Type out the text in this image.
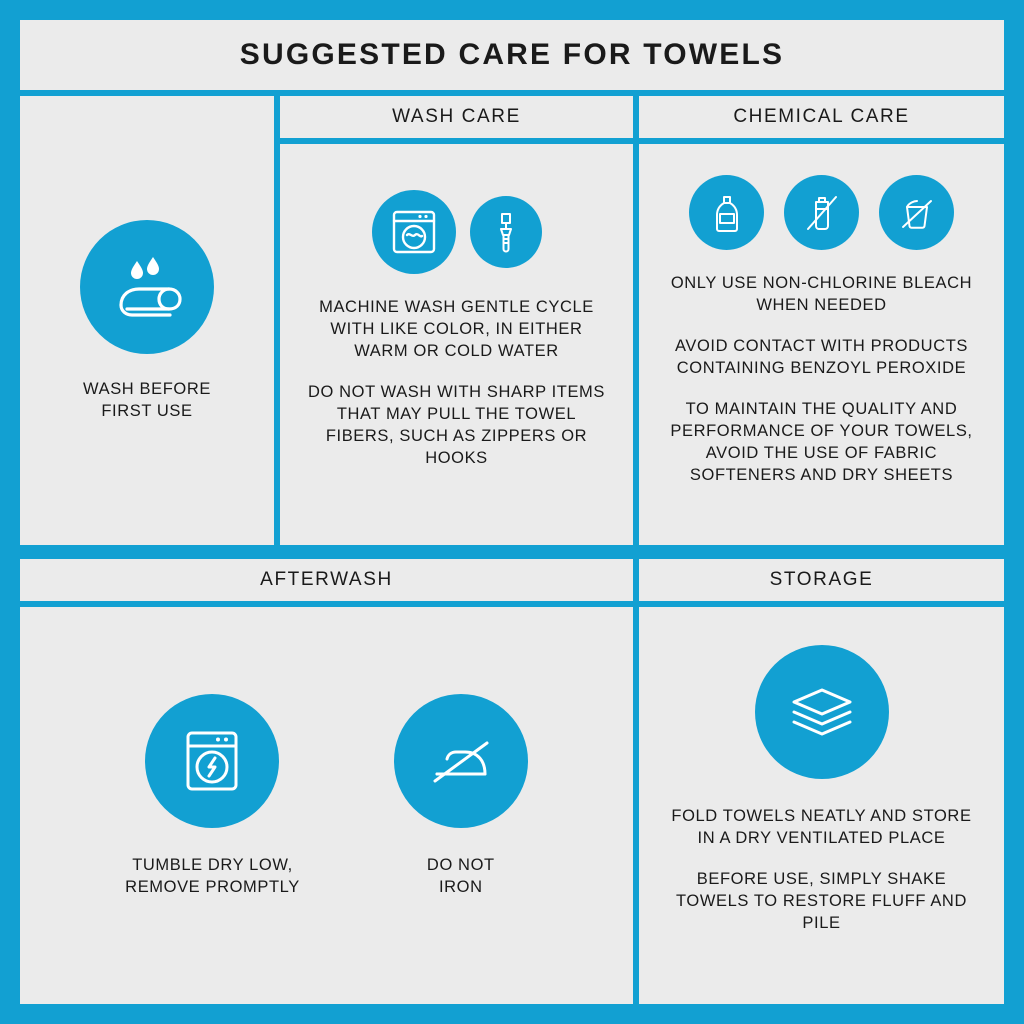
SUGGESTED CARE FOR TOWELS
WASH BEFORE
FIRST USE
WASH CARE
MACHINE WASH GENTLE CYCLE WITH LIKE COLOR, IN EITHER WARM OR COLD WATER
DO NOT WASH WITH SHARP ITEMS THAT MAY PULL THE TOWEL FIBERS, SUCH AS ZIPPERS OR HOOKS
CHEMICAL CARE
ONLY USE NON-CHLORINE BLEACH WHEN NEEDED
AVOID CONTACT WITH PRODUCTS CONTAINING BENZOYL PEROXIDE
TO MAINTAIN THE QUALITY AND PERFORMANCE OF YOUR TOWELS, AVOID THE USE OF FABRIC SOFTENERS AND DRY SHEETS
AFTERWASH
TUMBLE DRY LOW,
REMOVE PROMPTLY
DO NOT
IRON
STORAGE
FOLD TOWELS NEATLY AND STORE IN A DRY VENTILATED PLACE
BEFORE USE, SIMPLY SHAKE TOWELS TO RESTORE FLUFF AND PILE
